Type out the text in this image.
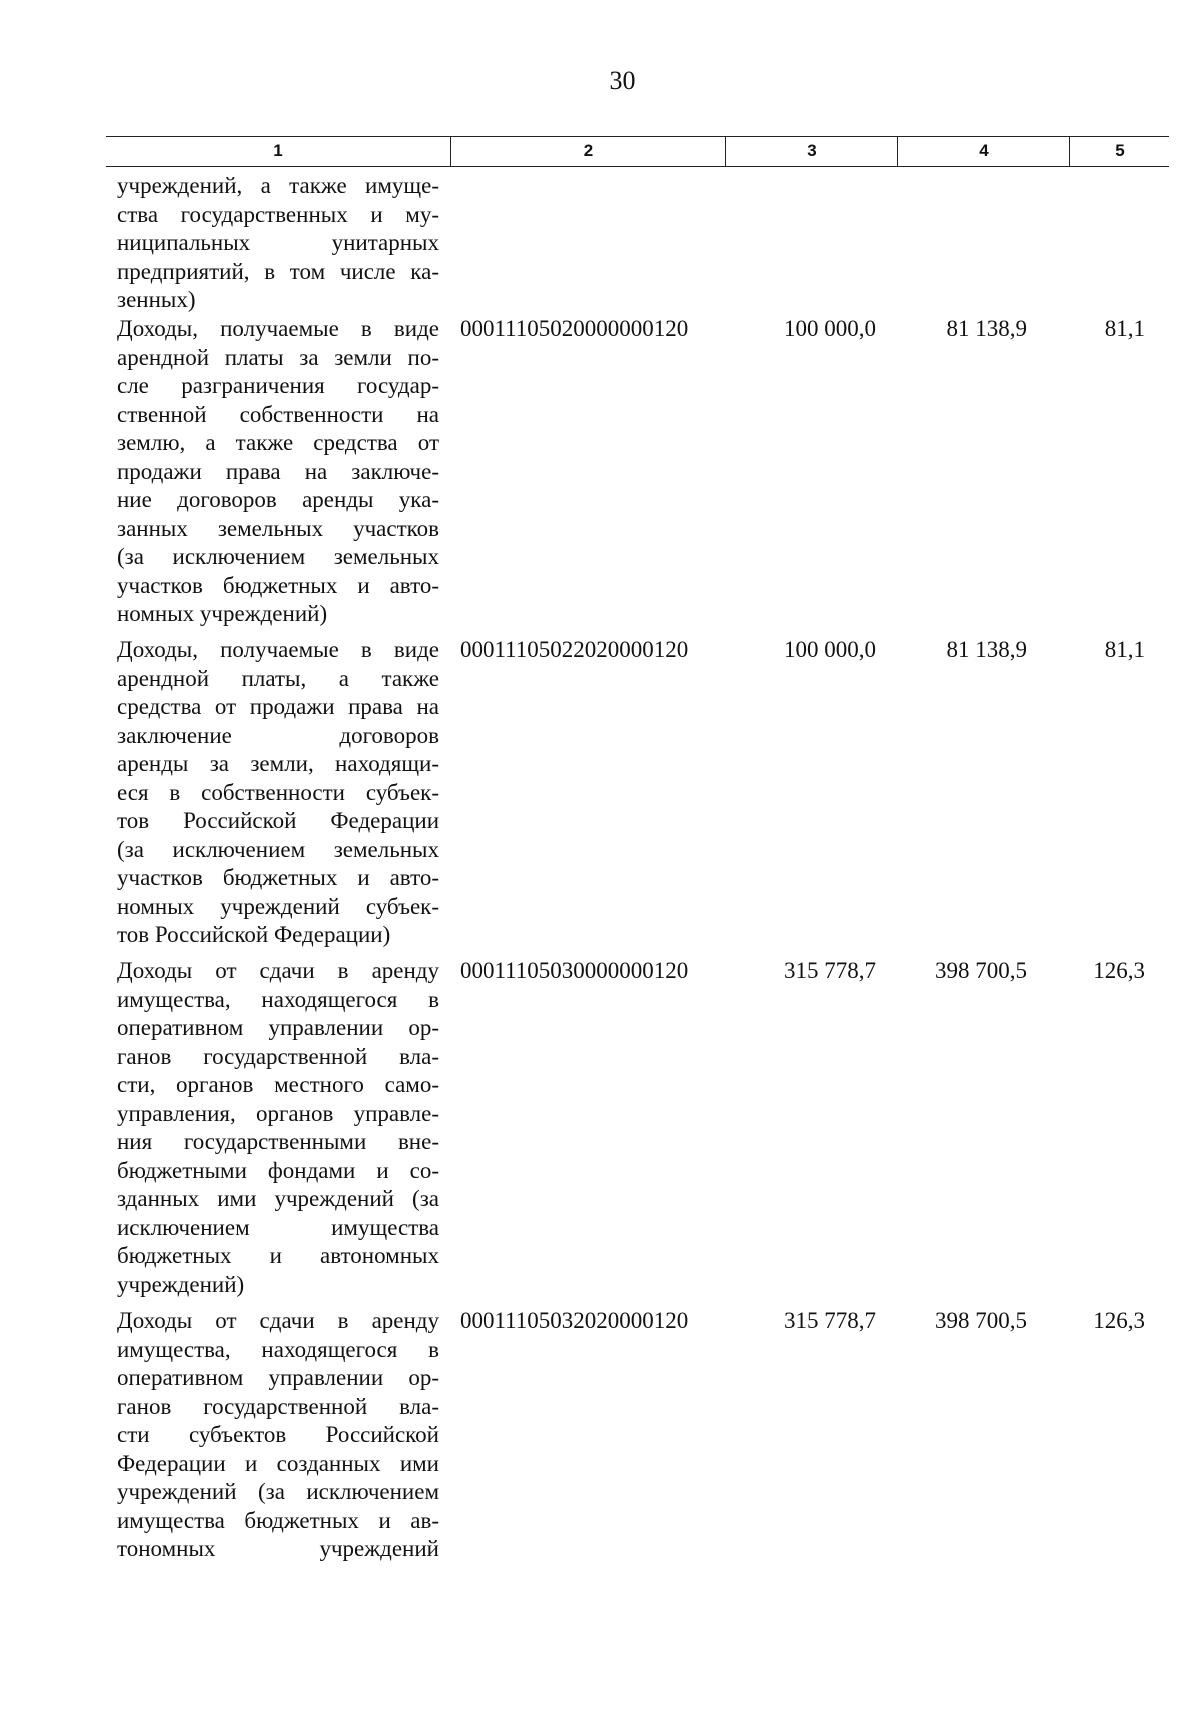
30
1	2	3	4	5
учреждений, а также имуще-
ства государственных и му-
ниципальных унитарных
предприятий, в том числе ка-
зенных)
Доходы, получаемые в виде
арендной платы за земли по-
сле разграничения государ-
ственной собственности на
землю, а также средства от
продажи права на заключе-
ние договоров аренды ука-
занных земельных участков
(за исключением земельных
участков бюджетных и авто-
номных учреждений)
00011105020000000120	100 000,0	81 138,9	81,1
Доходы, получаемые в виде
арендной платы, а также
средства от продажи права на
заключение договоров
аренды за земли, находящи-
еся в собственности субъек-
тов Российской Федерации
(за исключением земельных
участков бюджетных и авто-
номных учреждений субъек-
тов Российской Федерации)
00011105022020000120	100 000,0	81 138,9	81,1
Доходы от сдачи в аренду
имущества, находящегося в
оперативном управлении ор-
ганов государственной вла-
сти, органов местного само-
управления, органов управле-
ния государственными вне-
бюджетными фондами и со-
зданных ими учреждений (за
исключением имущества
бюджетных и автономных
учреждений)
00011105030000000120	315 778,7	398 700,5	126,3
Доходы от сдачи в аренду
имущества, находящегося в
оперативном управлении ор-
ганов государственной вла-
сти субъектов Российской
Федерации и созданных ими
учреждений (за исключением
имущества бюджетных и ав-
тономных учреждений
00011105032020000120	315 778,7	398 700,5	126,3
